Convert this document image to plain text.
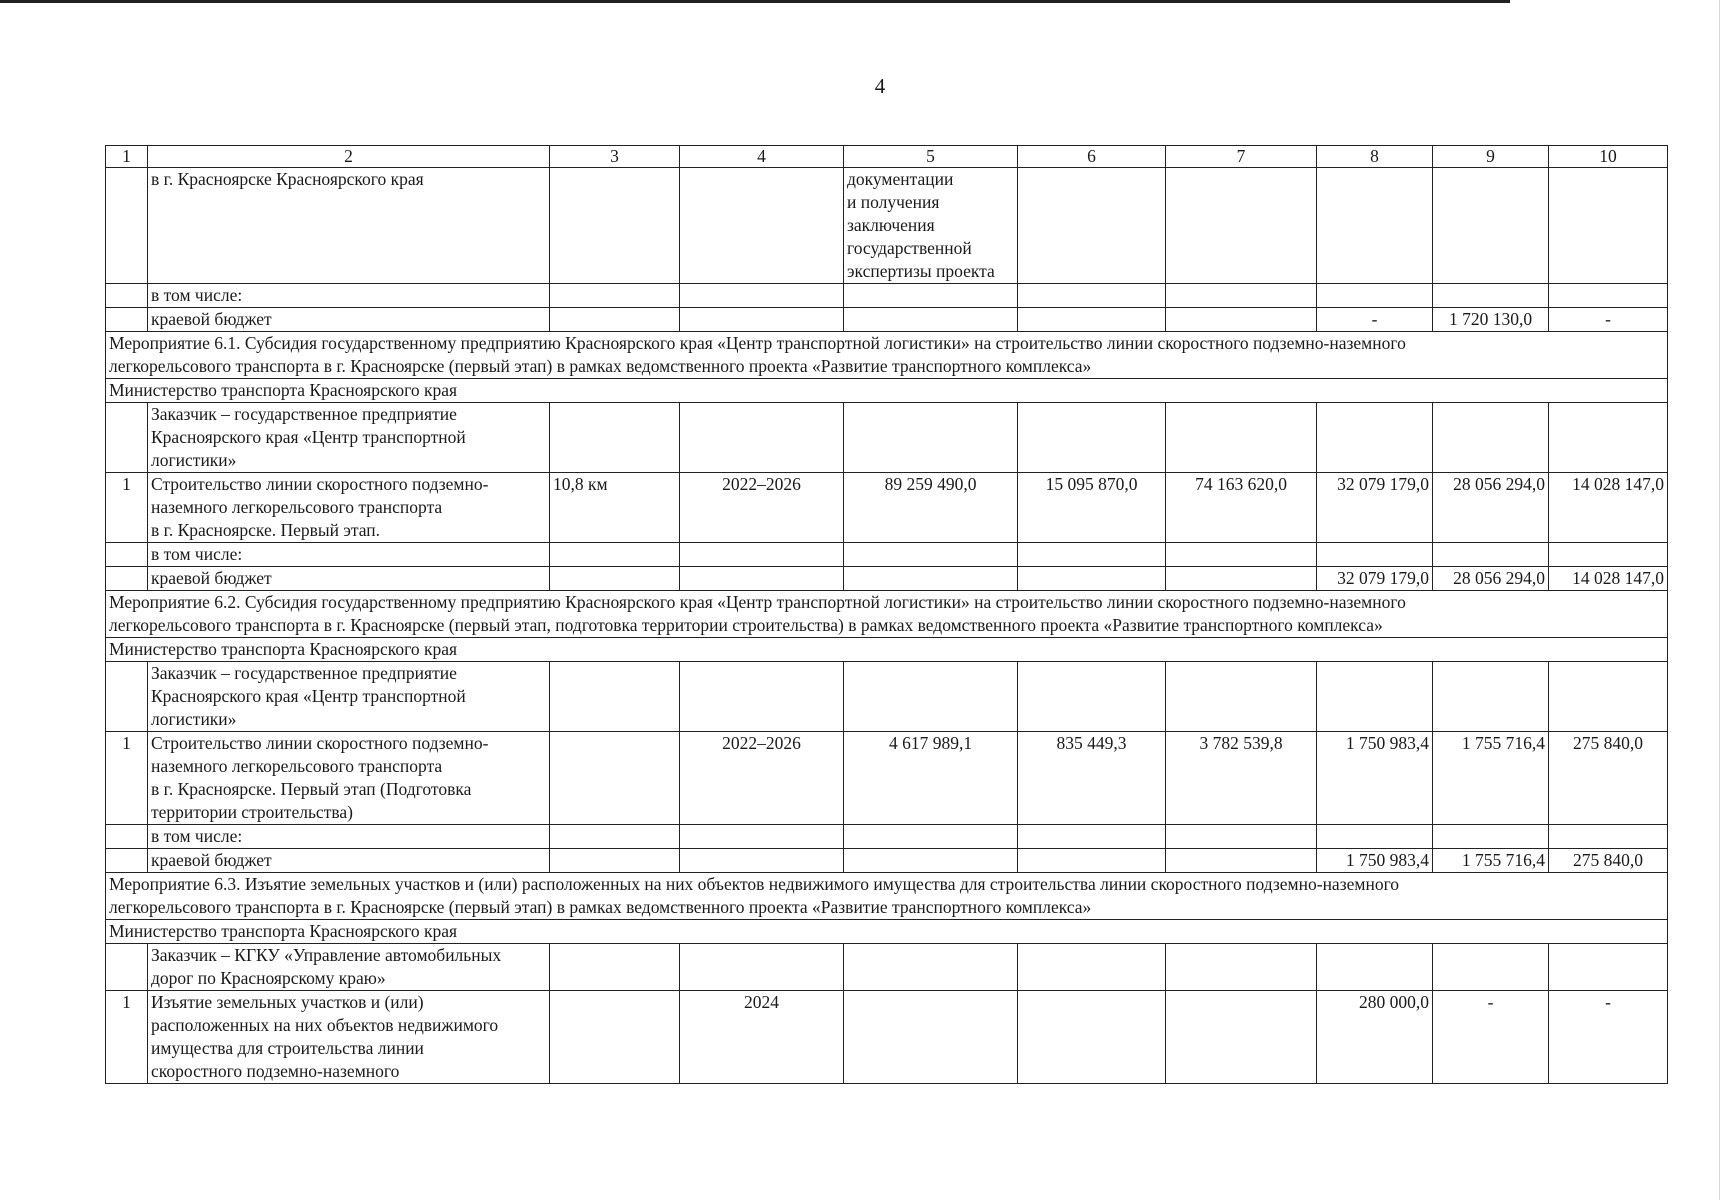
4
1	2	3	4	5	6	7	8	9	10
	в г. Красноярске Красноярского края			документации
и получения
заключения
государственной
экспертизы проекта					

	в том числе:								
	краевой бюджет						-	1 720 130,0	-

Мероприятие 6.1. Субсидия государственному предприятию Красноярского края «Центр транспортной логистики» на строительство линии скоростного подземно-наземного
легкорельсового транспорта в г. Красноярске (первый этап) в рамках ведомственного проекта «Развитие транспортного комплекса»									

Министерство транспорта Красноярского края									

	Заказчик – государственное предприятие
Красноярского края «Центр транспортной
логистики»								

1	Строительство линии скоростного подземно-
наземного легкорельсового транспорта
в г. Красноярске. Первый этап.	10,8 км	2022–2026	89 259 490,0	15 095 870,0	74 163 620,0	32 079 179,0	28 056 294,0	14 028 147,0
	в том числе:								
	краевой бюджет						32 079 179,0	28 056 294,0	14 028 147,0

Мероприятие 6.2. Субсидия государственному предприятию Красноярского края «Центр транспортной логистики» на строительство линии скоростного подземно-наземного
легкорельсового транспорта в г. Красноярске (первый этап, подготовка территории строительства) в рамках ведомственного проекта «Развитие транспортного комплекса»									

Министерство транспорта Красноярского края									

	Заказчик – государственное предприятие
Красноярского края «Центр транспортной
логистики»								

1	Строительство линии скоростного подземно-
наземного легкорельсового транспорта
в г. Красноярске. Первый этап (Подготовка
территории строительства)		2022–2026	4 617 989,1	835 449,3	3 782 539,8	1 750 983,4	1 755 716,4	275 840,0
	в том числе:								
	краевой бюджет						1 750 983,4	1 755 716,4	275 840,0

Мероприятие 6.3. Изъятие земельных участков и (или) расположенных на них объектов недвижимого имущества для строительства линии скоростного подземно-наземного
легкорельсового транспорта в г. Красноярске (первый этап) в рамках ведомственного проекта «Развитие транспортного комплекса»									

Министерство транспорта Красноярского края									

	Заказчик – КГКУ «Управление автомобильных
дорог по Красноярскому краю»								

1	Изъятие земельных участков и (или)
расположенных на них объектов недвижимого
имущества для строительства линии
скоростного подземно-наземного		2024				280 000,0	-	-
